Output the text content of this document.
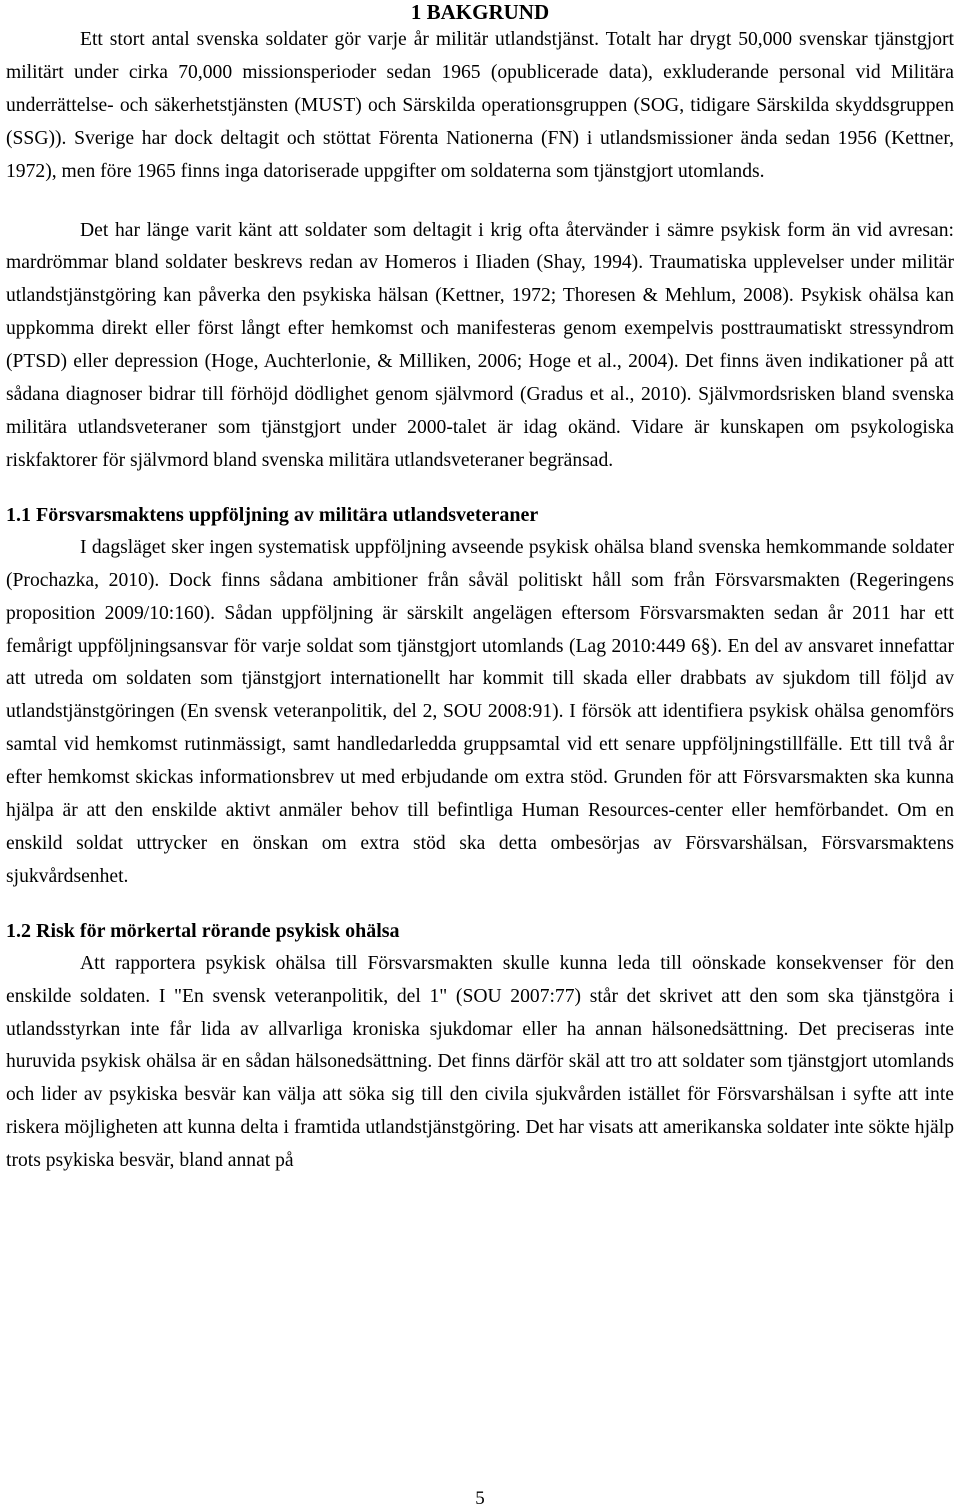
1 BAKGRUND

Ett stort antal svenska soldater gör varje år militär utlandstjänst. Totalt har drygt 50,000 svenskar tjänstgjort militärt under cirka 70,000 missionsperioder sedan 1965 (opublicerade data), exkluderande personal vid Militära underrättelse- och säkerhetstjänsten (MUST) och Särskilda operationsgruppen (SOG, tidigare Särskilda skyddsgruppen (SSG)). Sverige har dock deltagit och stöttat Förenta Nationerna (FN) i utlandsmissioner ända sedan 1956 (Kettner, 1972), men före 1965 finns inga datoriserade uppgifter om soldaterna som tjänstgjort utomlands.

Det har länge varit känt att soldater som deltagit i krig ofta återvänder i sämre psykisk form än vid avresan: mardrömmar bland soldater beskrevs redan av Homeros i Iliaden (Shay, 1994). Traumatiska upplevelser under militär utlandstjänstgöring kan påverka den psykiska hälsan (Kettner, 1972; Thoresen & Mehlum, 2008). Psykisk ohälsa kan uppkomma direkt eller först långt efter hemkomst och manifesteras genom exempelvis posttraumatiskt stressyndrom (PTSD) eller depression (Hoge, Auchterlonie, & Milliken, 2006; Hoge et al., 2004). Det finns även indikationer på att sådana diagnoser bidrar till förhöjd dödlighet genom självmord (Gradus et al., 2010). Självmordsrisken bland svenska militära utlandsveteraner som tjänstgjort under 2000-talet är idag okänd. Vidare är kunskapen om psykologiska riskfaktorer för självmord bland svenska militära utlandsveteraner begränsad.

1.1 Försvarsmaktens uppföljning av militära utlandsveteraner

I dagsläget sker ingen systematisk uppföljning avseende psykisk ohälsa bland svenska hemkommande soldater (Prochazka, 2010). Dock finns sådana ambitioner från såväl politiskt håll som från Försvarsmakten (Regeringens proposition 2009/10:160). Sådan uppföljning är särskilt angelägen eftersom Försvarsmakten sedan år 2011 har ett femårigt uppföljningsansvar för varje soldat som tjänstgjort utomlands (Lag 2010:449 6§). En del av ansvaret innefattar att utreda om soldaten som tjänstgjort internationellt har kommit till skada eller drabbats av sjukdom till följd av utlandstjänstgöringen (En svensk veteranpolitik, del 2, SOU 2008:91). I försök att identifiera psykisk ohälsa genomförs samtal vid hemkomst rutinmässigt, samt handledarledda gruppsamtal vid ett senare uppföljningstillfälle. Ett till två år efter hemkomst skickas informationsbrev ut med erbjudande om extra stöd. Grunden för att Försvarsmakten ska kunna hjälpa är att den enskilde aktivt anmäler behov till befintliga Human Resources-center eller hemförbandet. Om en enskild soldat uttrycker en önskan om extra stöd ska detta ombesörjas av Försvarshälsan, Försvarsmaktens sjukvårdsenhet.

1.2 Risk för mörkertal rörande psykisk ohälsa

Att rapportera psykisk ohälsa till Försvarsmakten skulle kunna leda till oönskade konsekvenser för den enskilde soldaten. I "En svensk veteranpolitik, del 1" (SOU 2007:77) står det skrivet att den som ska tjänstgöra i utlandsstyrkan inte får lida av allvarliga kroniska sjukdomar eller ha annan hälsonedsättning. Det preciseras inte huruvida psykisk ohälsa är en sådan hälsonedsättning. Det finns därför skäl att tro att soldater som tjänstgjort utomlands och lider av psykiska besvär kan välja att söka sig till den civila sjukvården istället för Försvarshälsan i syfte att inte riskera möjligheten att kunna delta i framtida utlandstjänstgöring. Det har visats att amerikanska soldater inte sökte hjälp trots psykiska besvär, bland annat på

5
